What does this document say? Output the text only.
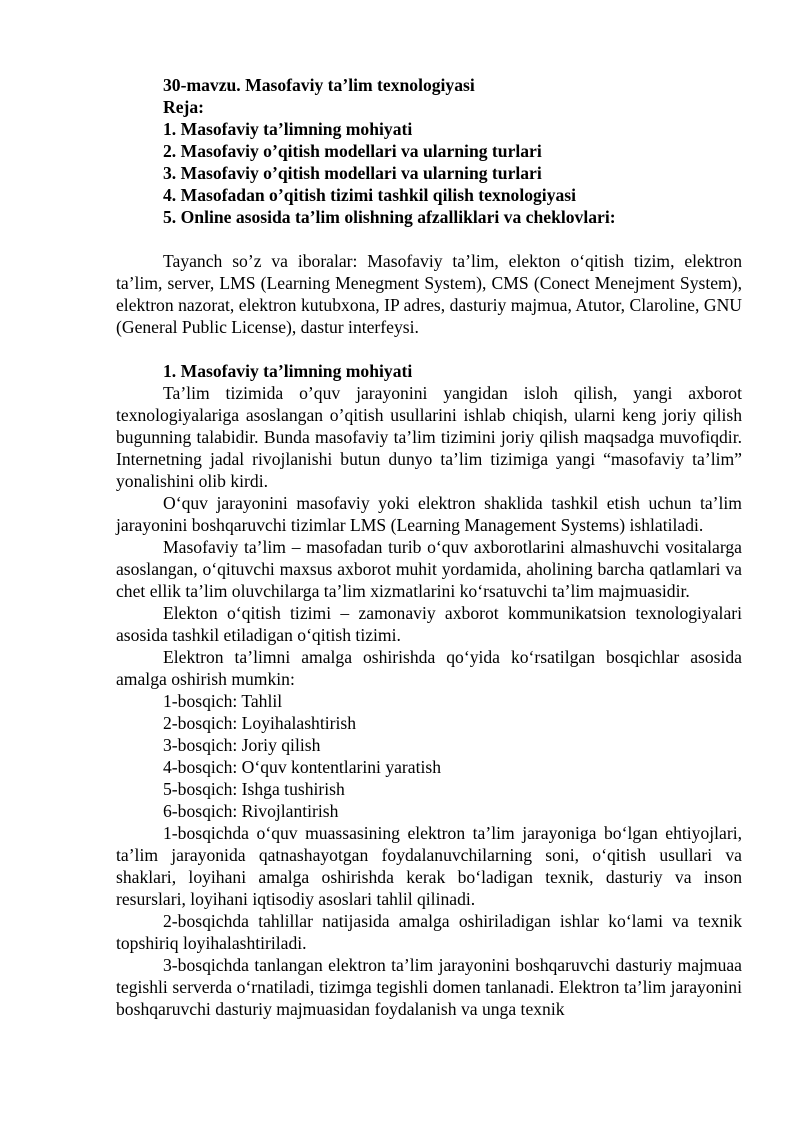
30-mavzu. Masofaviy ta’lim texnologiyasi

Reja:

1. Masofaviy ta’limning mohiyati

2. Masofaviy o’qitish modellari va ularning turlari

3. Masofaviy o’qitish modellari va ularning turlari

4. Masofadan o’qitish tizimi tashkil qilish texnologiyasi

5. Online asosida ta’lim olishning afzalliklari va cheklovlari:

Tayanch so’z va iboralar: Masofaviy ta’lim, elekton oʻqitish tizim, elektron ta’lim, server, LMS (Learning Menegment System), CMS (Conect Menejment System), elektron nazorat, elektron kutubxona, IP adres, dasturiy majmua, Atutor, Claroline, GNU (General Public License), dastur interfeysi.

1. Masofaviy ta’limning mohiyati

Ta’lim tizimida o’quv jarayonini yangidan isloh qilish, yangi axborot texnologiyalariga asoslangan o’qitish usullarini ishlab chiqish, ularni keng joriy qilish bugunning talabidir. Bunda masofaviy ta’lim tizimini joriy qilish maqsadga muvofiqdir. Internetning jadal rivojlanishi butun dunyo ta’lim tizimiga yangi “masofaviy ta’lim” yonalishini olib kirdi.

Oʻquv jarayonini masofaviy yoki elektron shaklida tashkil etish uchun ta’lim jarayonini boshqaruvchi tizimlar LMS (Learning Management Systems) ishlatiladi.

Masofaviy ta’lim – masofadan turib oʻquv axborotlarini almashuvchi vositalarga asoslangan, oʻqituvchi maxsus axborot muhit yordamida, aholining barcha qatlamlari va chet ellik ta’lim oluvchilarga ta’lim xizmatlarini koʻrsatuvchi ta’lim majmuasidir.

Elekton oʻqitish tizimi – zamonaviy axborot kommunikatsion texnologiyalari asosida tashkil etiladigan oʻqitish tizimi.

Elektron ta’limni amalga oshirishda qoʻyida koʻrsatilgan bosqichlar asosida amalga oshirish mumkin:

1-bosqich: Tahlil

2-bosqich: Loyihalashtirish

3-bosqich: Joriy qilish

4-bosqich: Oʻquv kontentlarini yaratish

5-bosqich: Ishga tushirish

6-bosqich: Rivojlantirish

1-bosqichda oʻquv muassasining elektron ta’lim jarayoniga boʻlgan ehtiyojlari, ta’lim jarayonida qatnashayotgan foydalanuvchilarning soni, oʻqitish usullari va shaklari, loyihani amalga oshirishda kerak boʻladigan texnik, dasturiy va inson resurslari, loyihani iqtisodiy asoslari tahlil qilinadi.

2-bosqichda tahlillar natijasida amalga oshiriladigan ishlar koʻlami va texnik topshiriq loyihalashtiriladi.

3-bosqichda tanlangan elektron ta’lim jarayonini boshqaruvchi dasturiy majmuaa tegishli serverda oʻrnatiladi, tizimga tegishli domen tanlanadi. Elektron ta’lim jarayonini boshqaruvchi dasturiy majmuasidan foydalanish va unga texnik
